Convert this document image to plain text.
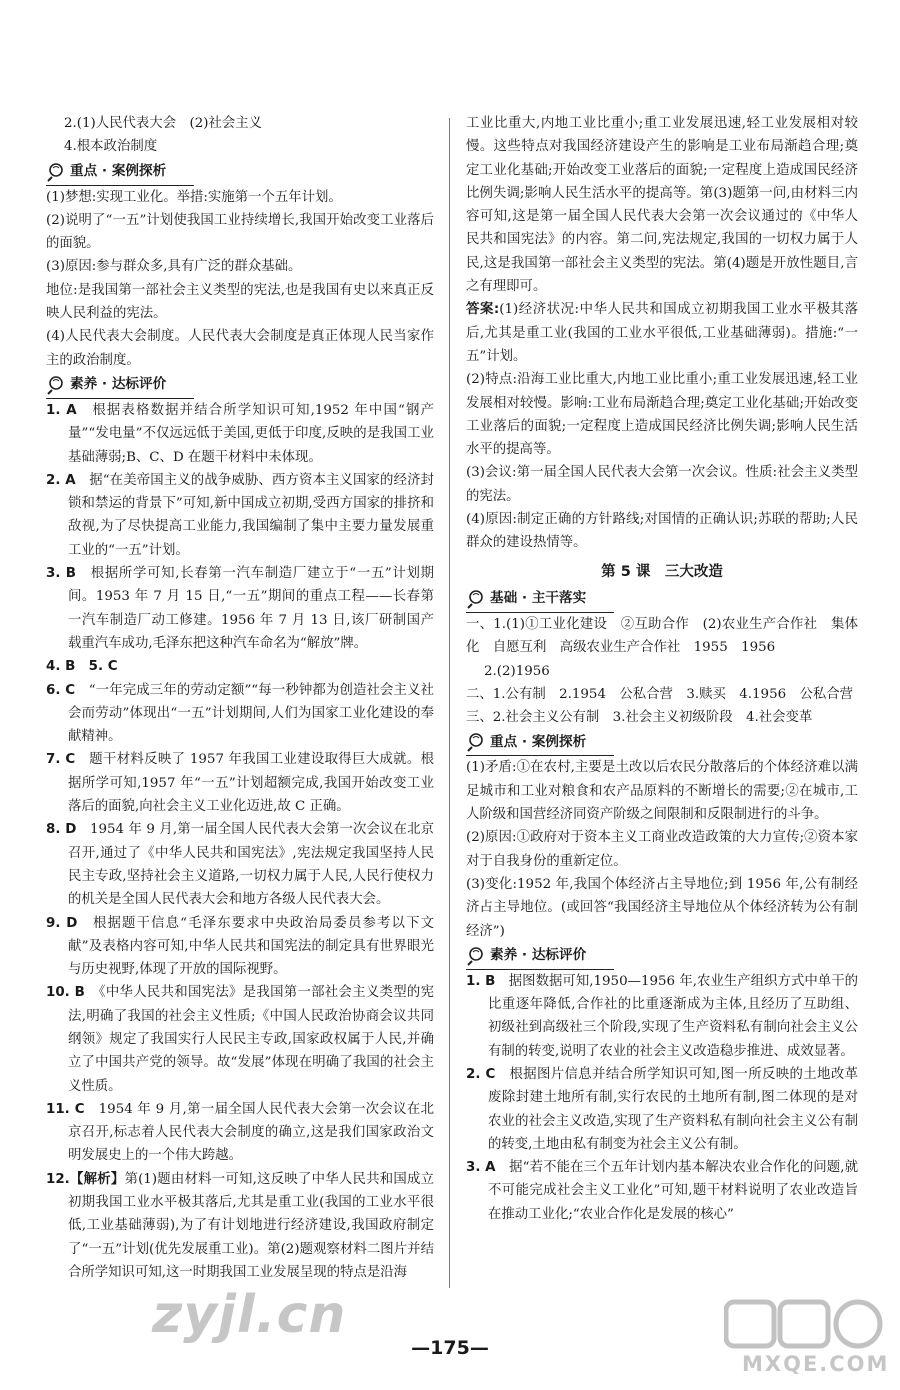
2.(1)人民代表大会　(2)社会主义

4.根本政治制度

重点 · 案例探析

(1)梦想:实现工业化。举措:实施第一个五年计划。

(2)说明了“一五”计划使我国工业持续增长,我国开始改变工业落后的面貌。

(3)原因:参与群众多,具有广泛的群众基础。

地位:是我国第一部社会主义类型的宪法,也是我国有史以来真正反映人民利益的宪法。

(4)人民代表大会制度。人民代表大会制度是真正体现人民当家作主的政治制度。

素养 · 达标评价

1. A　 根据表格数据并结合所学知识可知,1952 年中国“钢产量”“发电量”不仅远远低于美国,更低于印度,反映的是我国工业基础薄弱;B、C、D 在题干材料中未体现。

2. A　 据“在美帝国主义的战争威胁、西方资本主义国家的经济封锁和禁运的背景下”可知,新中国成立初期,受西方国家的排挤和敌视,为了尽快提高工业能力,我国编制了集中主要力量发展重工业的“一五”计划。

3. B　 根据所学可知,长春第一汽车制造厂建立于“一五”计划期间。1953 年 7 月 15 日,“一五”期间的重点工程——长春第一汽车制造厂动工修建。1956 年 7 月 13 日,该厂研制国产载重汽车成功,毛泽东把这种汽车命名为“解放”牌。

4. B　5. C

6. C　 “一年完成三年的劳动定额”“每一秒钟都为创造社会主义社会而劳动”体现出“一五”计划期间,人们为国家工业化建设的奉献精神。

7. C　 题干材料反映了 1957 年我国工业建设取得巨大成就。根据所学可知,1957 年“一五”计划超额完成,我国开始改变工业落后的面貌,向社会主义工业化迈进,故 C 正确。

8. D　 1954 年 9 月,第一届全国人民代表大会第一次会议在北京召开,通过了《中华人民共和国宪法》,宪法规定我国坚持人民民主专政,坚持社会主义道路,一切权力属于人民,人民行使权力的机关是全国人民代表大会和地方各级人民代表大会。

9. D　 根据题干信息“毛泽东要求中央政治局委员参考以下文献”及表格内容可知,中华人民共和国宪法的制定具有世界眼光与历史视野,体现了开放的国际视野。

10. B　 《中华人民共和国宪法》是我国第一部社会主义类型的宪法,明确了我国的社会主义性质;《中国人民政治协商会议共同纲领》规定了我国实行人民民主专政,国家政权属于人民,并确立了中国共产党的领导。故“发展”体现在明确了我国的社会主义性质。

11. C　 1954 年 9 月,第一届全国人民代表大会第一次会议在北京召开,标志着人民代表大会制度的确立,这是我们国家政治文明发展史上的一个伟大跨越。

12.【解析】第(1)题由材料一可知,这反映了中华人民共和国成立初期我国工业水平极其落后,尤其是重工业(我国的工业水平很低,工业基础薄弱),为了有计划地进行经济建设,我国政府制定了“一五”计划(优先发展重工业)。第(2)题观察材料二图片并结合所学知识可知,这一时期我国工业发展呈现的特点是沿海

工业比重大,内地工业比重小;重工业发展迅速,轻工业发展相对较慢。这些特点对我国经济建设产生的影响是工业布局渐趋合理;奠定工业化基础;开始改变工业落后的面貌;一定程度上造成国民经济比例失调;影响人民生活水平的提高等。第(3)题第一问,由材料三内容可知,这是第一届全国人民代表大会第一次会议通过的《中华人民共和国宪法》的内容。第二问,宪法规定,我国的一切权力属于人民,这是我国第一部社会主义类型的宪法。第(4)题是开放性题目,言之有理即可。

答案:(1)经济状况:中华人民共和国成立初期我国工业水平极其落后,尤其是重工业(我国的工业水平很低,工业基础薄弱)。措施:“一五”计划。

(2)特点:沿海工业比重大,内地工业比重小;重工业发展迅速,轻工业发展相对较慢。影响:工业布局渐趋合理;奠定工业化基础;开始改变工业落后的面貌;一定程度上造成国民经济比例失调;影响人民生活水平的提高等。

(3)会议:第一届全国人民代表大会第一次会议。性质:社会主义类型的宪法。

(4)原因:制定正确的方针路线;对国情的正确认识;苏联的帮助;人民群众的建设热情等。

第 5 课　三大改造

基础 · 主干落实

一、1.(1)①工业化建设　②互助合作　(2)农业生产合作社　集体化　自愿互利　高级农业生产合作社　1955　1956

2.(2)1956

二、1.公有制　2.1954　公私合营　3.赎买　4.1956　公私合营

三、2.社会主义公有制　3.社会主义初级阶段　4.社会变革

重点 · 案例探析

(1)矛盾:①在农村,主要是土改以后农民分散落后的个体经济难以满足城市和工业对粮食和农产品原料的不断增长的需要;②在城市,工人阶级和国营经济同资产阶级之间限制和反限制进行的斗争。

(2)原因:①政府对于资本主义工商业改造政策的大力宣传;②资本家对于自我身份的重新定位。

(3)变化:1952 年,我国个体经济占主导地位;到 1956 年,公有制经济占主导地位。(或回答“我国经济主导地位从个体经济转为公有制经济”)

素养 · 达标评价

1. B　 据图数据可知,1950—1956 年,农业生产组织方式中单干的比重逐年降低,合作社的比重逐渐成为主体,且经历了互助组、初级社到高级社三个阶段,实现了生产资料私有制向社会主义公有制的转变,说明了农业的社会主义改造稳步推进、成效显著。

2. C　 根据图片信息并结合所学知识可知,图一所反映的土地改革废除封建土地所有制,实行农民的土地所有制,图二体现的是对农业的社会主义改造,实现了生产资料私有制向社会主义公有制的转变,土地由私有制变为社会主义公有制。

3. A　 据“若不能在三个五年计划内基本解决农业合作化的问题,就不可能完成社会主义工业化”可知,题干材料说明了农业改造旨在推动工业化;“农业合作化是发展的核心”

—175—
zyjl.cn
MXQE.COM
